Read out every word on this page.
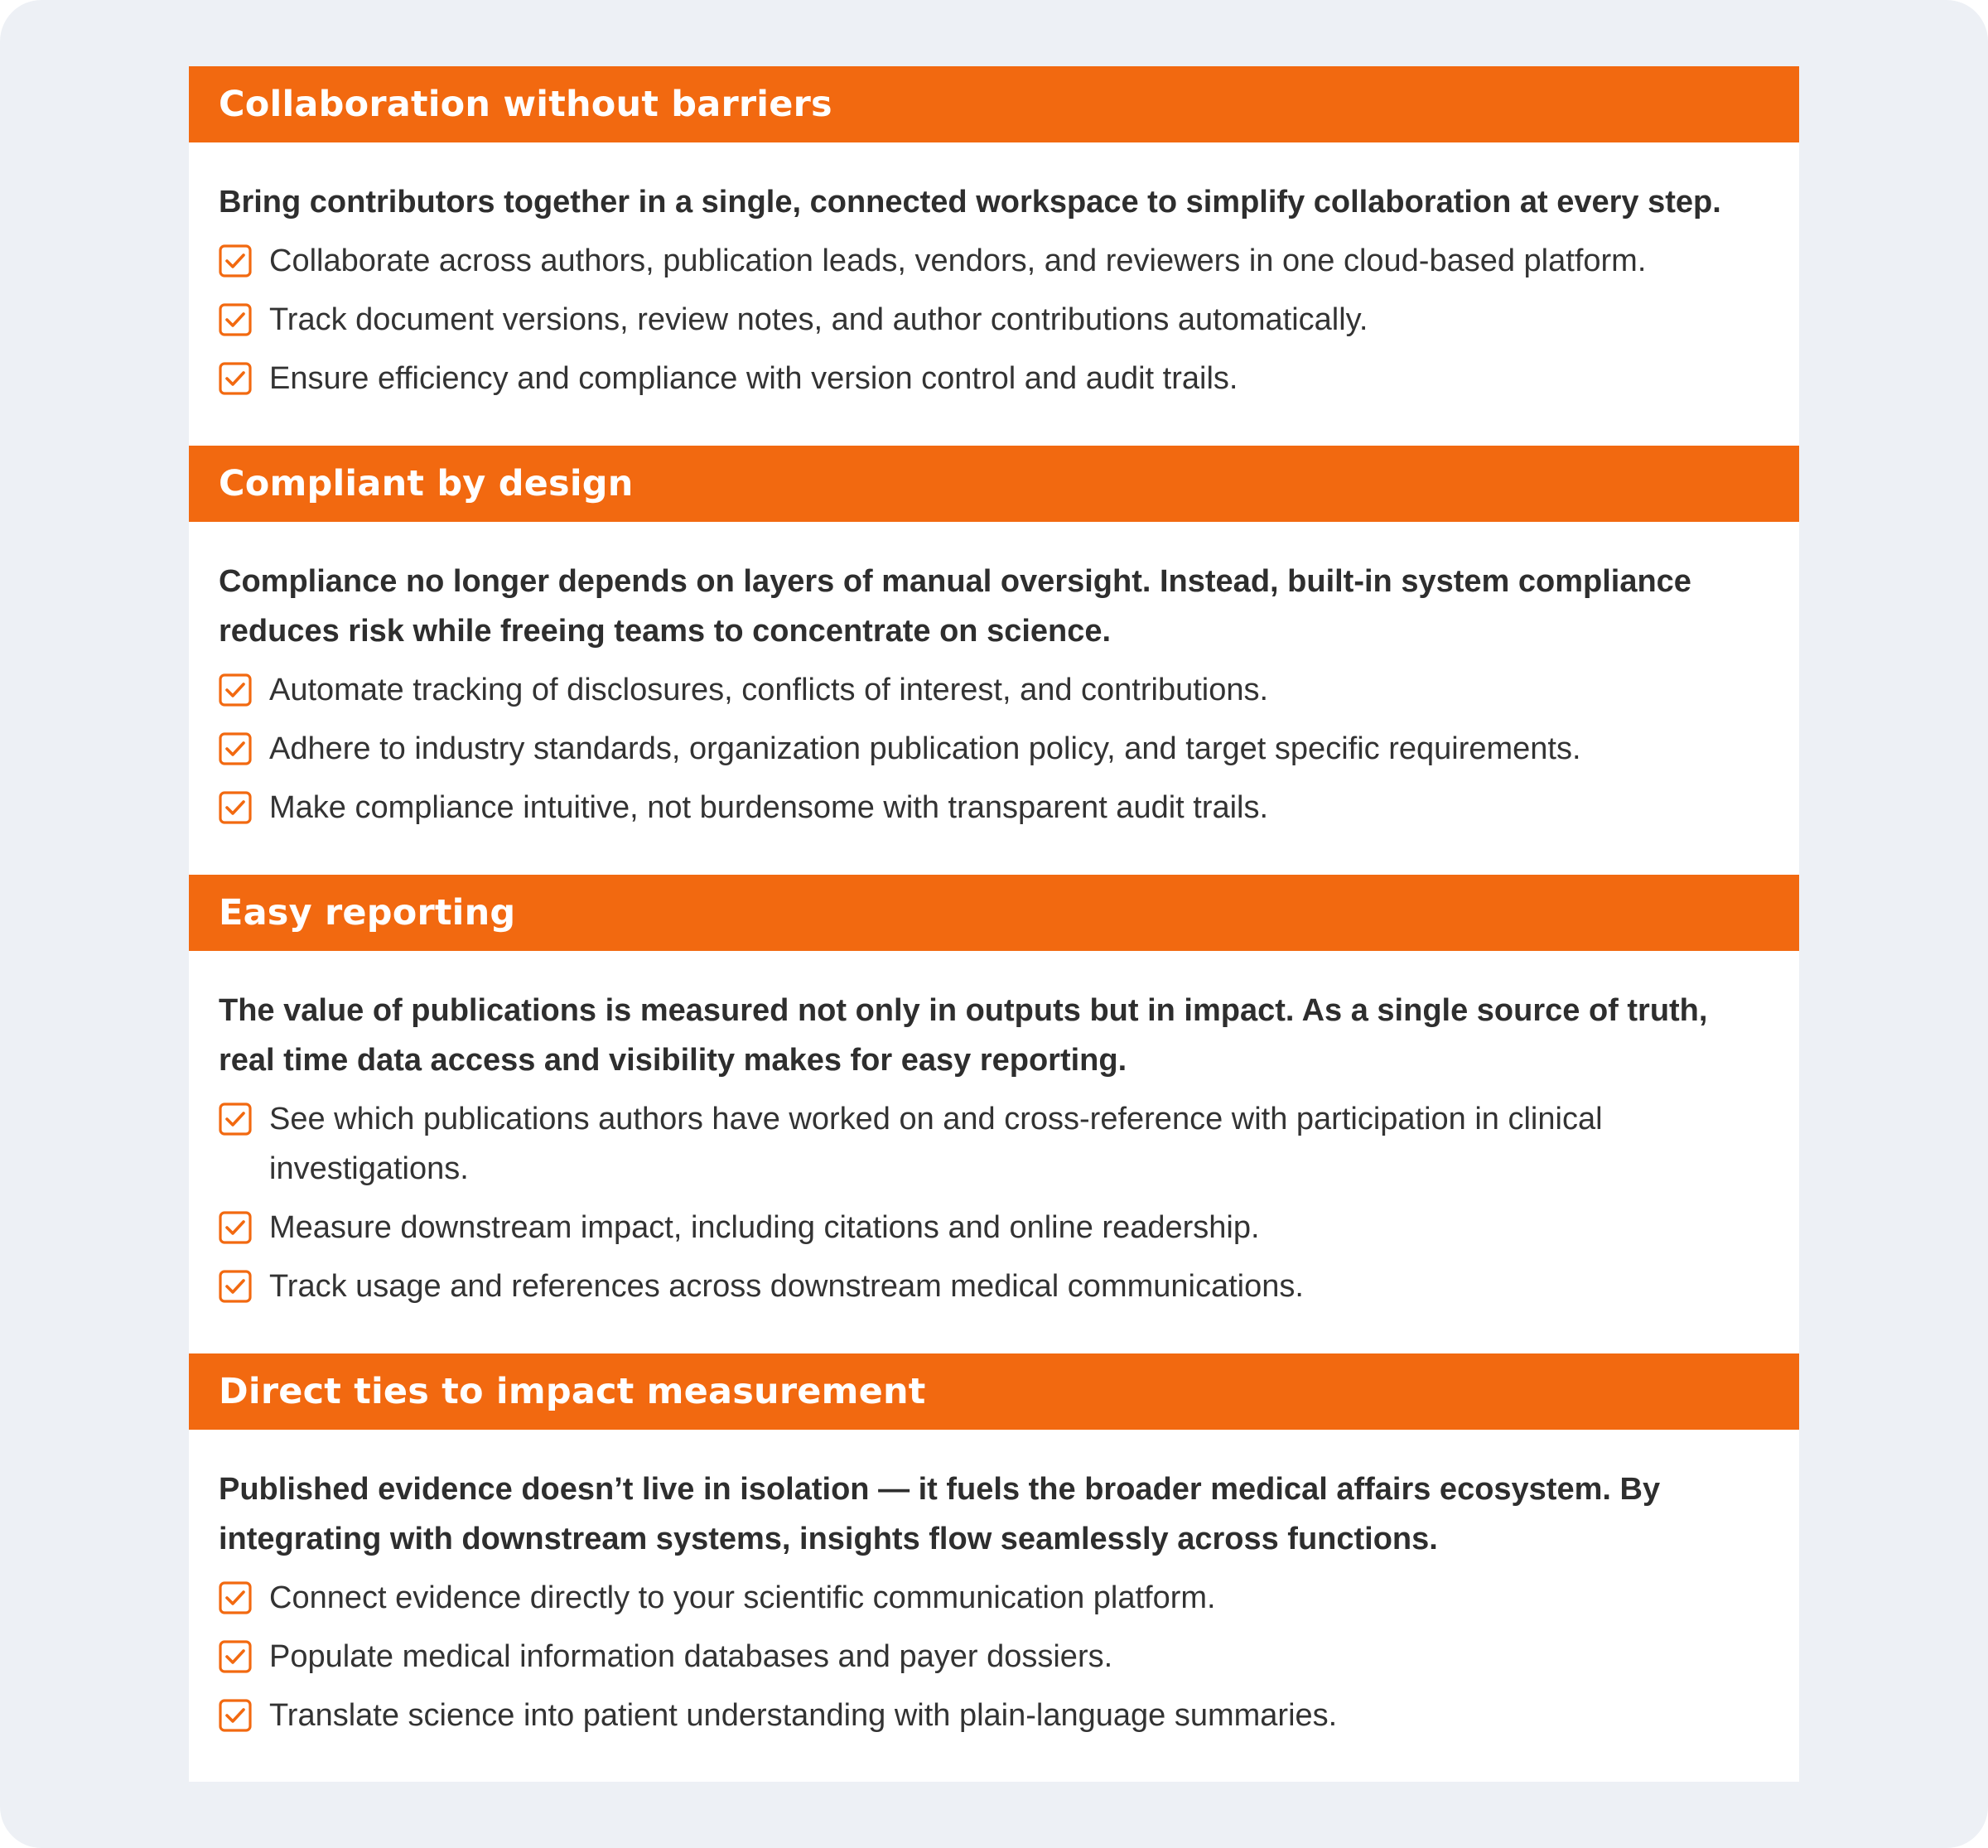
Collaboration without barriers

Bring contributors together in a single, connected workspace to simplify collaboration at every step.

Collaborate across authors, publication leads, vendors, and reviewers in one cloud-based platform.
Track document versions, review notes, and author contributions automatically.
Ensure efficiency and compliance with version control and audit trails.
Compliant by design

Compliance no longer depends on layers of manual oversight. Instead, built-in system compliance reduces risk while freeing teams to concentrate on science.

Automate tracking of disclosures, conflicts of interest, and contributions.
Adhere to industry standards, organization publication policy, and target specific requirements.
Make compliance intuitive, not burdensome with transparent audit trails.
Easy reporting

The value of publications is measured not only in outputs but in impact. As a single source of truth, real time data access and visibility makes for easy reporting.

See which publications authors have worked on and cross-reference with participation in clinical investigations.
Measure downstream impact, including citations and online readership.
Track usage and references across downstream medical communications.
Direct ties to impact measurement

Published evidence doesn’t live in isolation — it fuels the broader medical affairs ecosystem. By integrating with downstream systems, insights flow seamlessly across functions.

Connect evidence directly to your scientific communication platform.
Populate medical information databases and payer dossiers.
Translate science into patient understanding with plain-language summaries.
